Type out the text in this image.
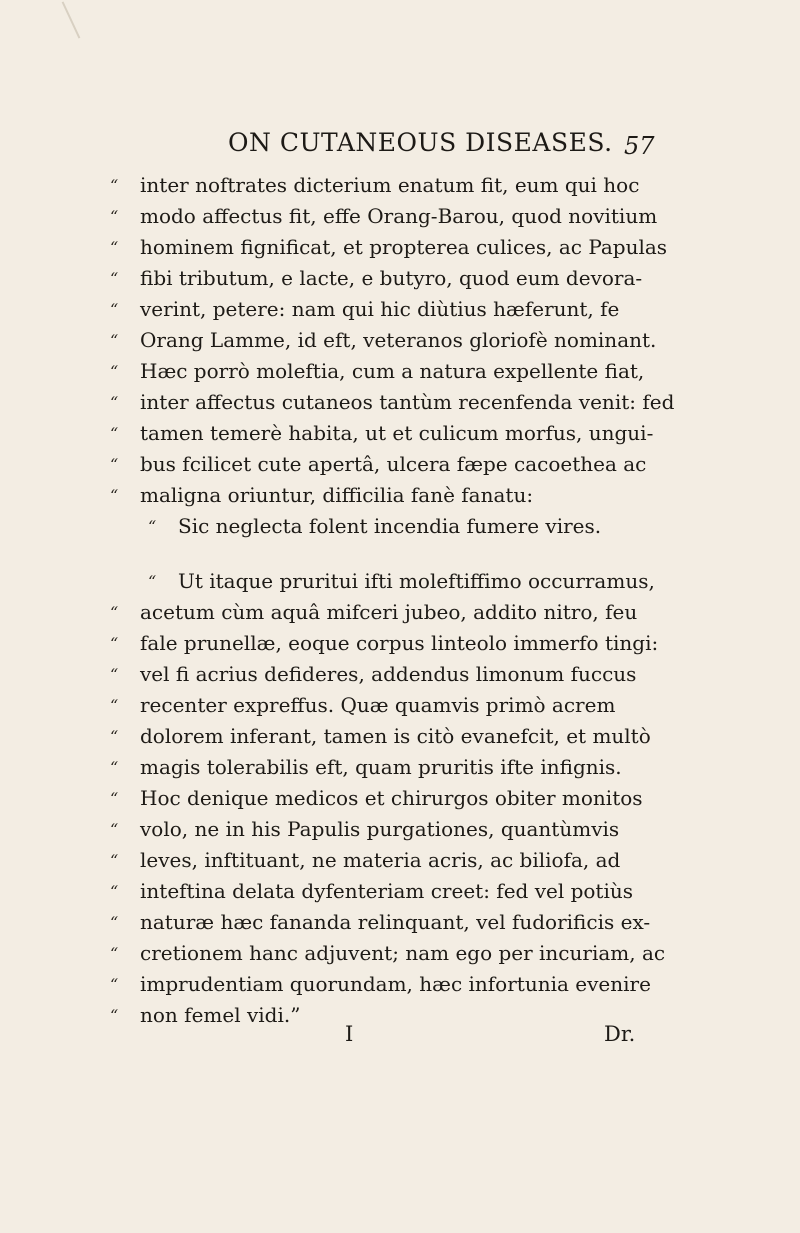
ON CUTANEOUS DISEASES. 57
“ inter noftrates dicterium enatum fit, eum qui hoc
“ modo affectus fit, effe Orang-Barou, quod novitium
“ hominem fignificat, et propterea culices, ac Papulas
“ fibi tributum, e lacte, e butyro, quod eum devora-
“ verint, petere: nam qui hic diùtius hæferunt, fe
“ Orang Lamme, id eft, veteranos gloriofè nominant.
“ Hæc porrò moleftia, cum a natura expellente fiat,
“ inter affectus cutaneos tantùm recenfenda venit: fed
“ tamen temerè habita, ut et culicum morfus, ungui-
“ bus fcilicet cute apertâ, ulcera fæpe cacoethea ac
“ maligna oriuntur, difficilia fanè fanatu:
“ Sic neglecta folent incendia fumere vires.
“ Ut itaque pruritui ifti moleftiffimo occurramus,
“ acetum cùm aquâ mifceri jubeo, addito nitro, feu
“ fale prunellæ, eoque corpus linteolo immerfo tingi:
“ vel fi acrius defideres, addendus limonum fuccus
“ recenter expreffus. Quæ quamvis primò acrem
“ dolorem inferant, tamen is citò evanefcit, et multò
“ magis tolerabilis eft, quam pruritis ifte infignis.
“ Hoc denique medicos et chirurgos obiter monitos
“ volo, ne in his Papulis purgationes, quantùmvis
“ leves, inftituant, ne materia acris, ac biliofa, ad
“ inteftina delata dyfenteriam creet: fed vel potiùs
“ naturæ hæc fananda relinquant, vel fudorificis ex-
“ cretionem hanc adjuvent; nam ego per incuriam, ac
“ imprudentiam quorundam, hæc infortunia evenire
“ non femel vidi.”
I	Dr.
